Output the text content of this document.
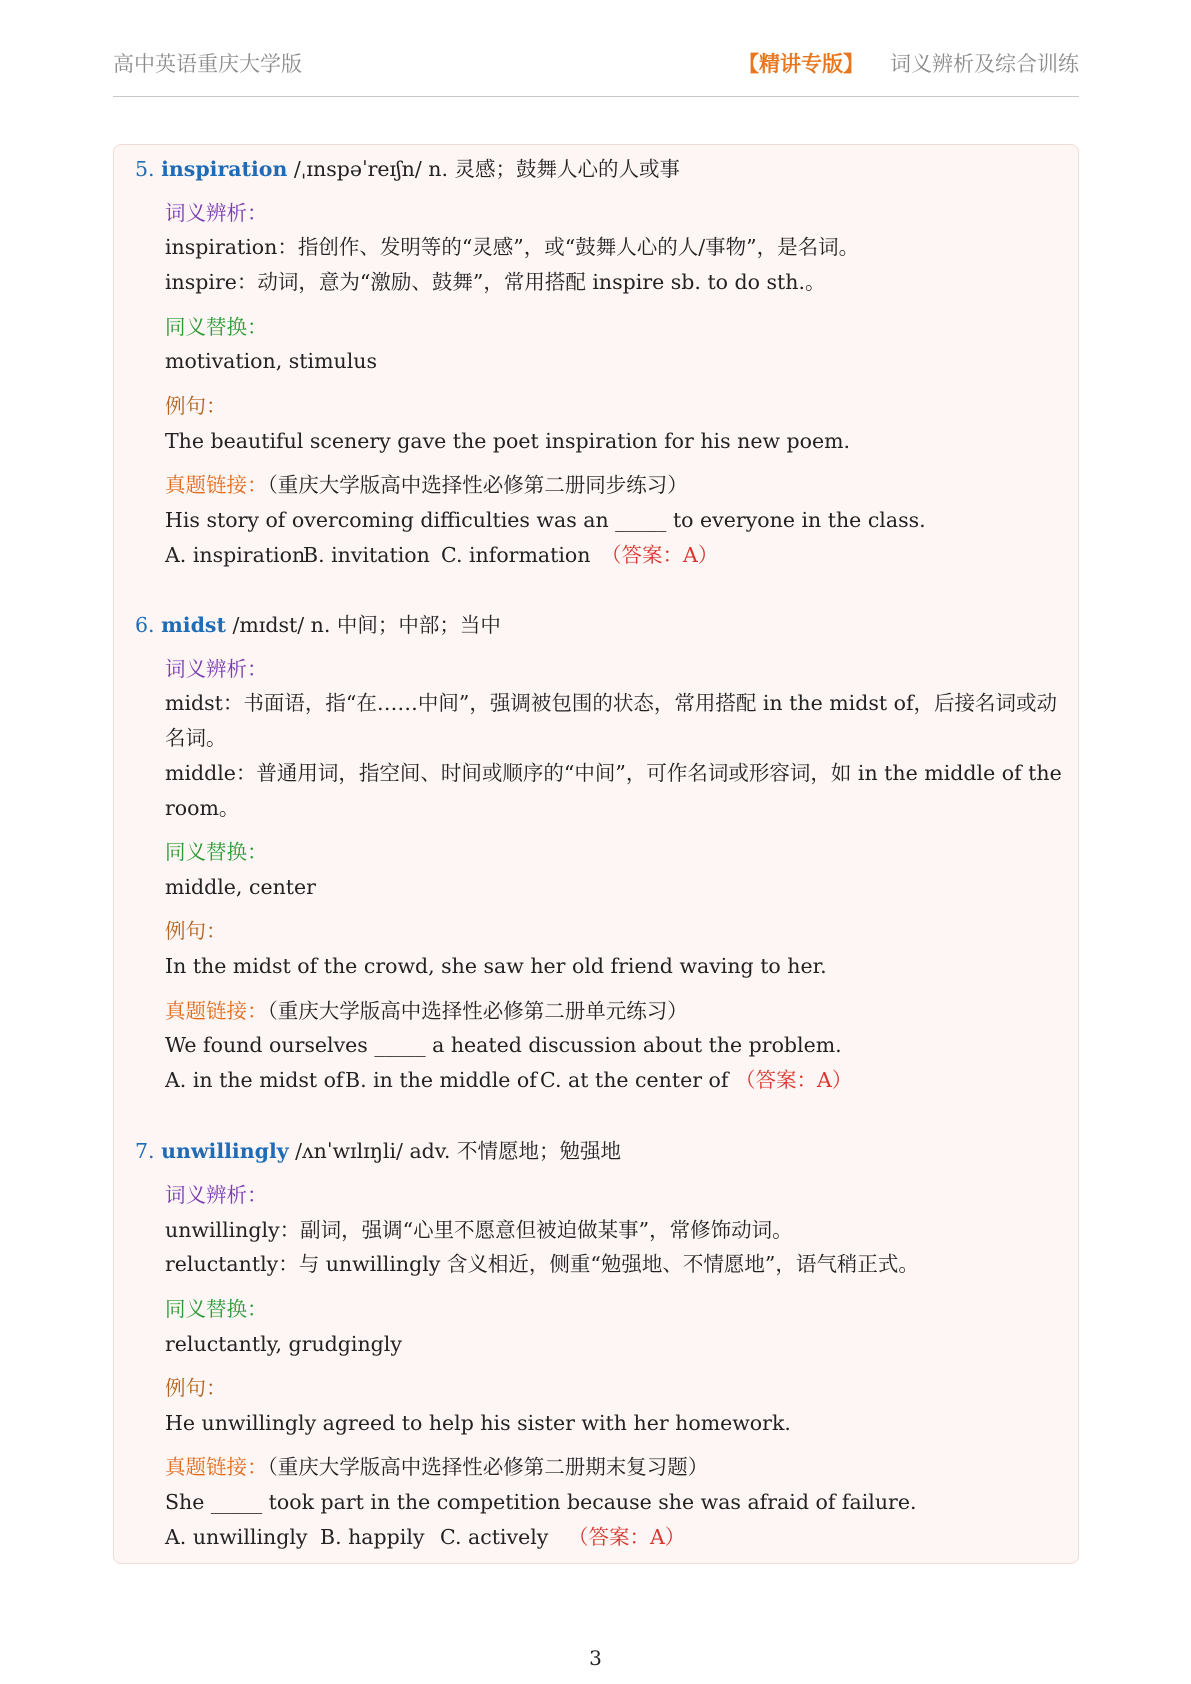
高中英语重庆大学版	【精讲专版】 词义辨析及综合训练
5. inspiration /ˌɪnspəˈreɪʃn/ n. 灵感；鼓舞人心的人或事
词义辨析：
inspiration：指创作、发明等的“灵感”，或“鼓舞人心的人/事物”，是名词。
inspire：动词，意为“激励、鼓舞”，常用搭配 inspire sb. to do sth.。
同义替换：
motivation, stimulus
例句：
The beautiful scenery gave the poet inspiration for his new poem.
真题链接：（重庆大学版高中选择性必修第二册同步练习）
His story of overcoming difficulties was an _____ to everyone in the class.
A. inspirationB. invitation C. information （答案：A）
6. midst /mɪdst/ n. 中间；中部；当中
词义辨析：
midst：书面语，指“在……中间”，强调被包围的状态，常用搭配 in the midst of，后接名词或动
名词。
middle：普通用词，指空间、时间或顺序的“中间”，可作名词或形容词，如 in the middle of the
room。
同义替换：
middle, center
例句：
In the midst of the crowd, she saw her old friend waving to her.
真题链接：（重庆大学版高中选择性必修第二册单元练习）
We found ourselves _____ a heated discussion about the problem.
A. in the midst ofB. in the middle of C. at the center of （答案：A）
7. unwillingly /ʌnˈwɪlɪŋli/ adv. 不情愿地；勉强地
词义辨析：
unwillingly：副词，强调“心里不愿意但被迫做某事”，常修饰动词。
reluctantly：与 unwillingly 含义相近，侧重“勉强地、不情愿地”，语气稍正式。
同义替换：
reluctantly, grudgingly
例句：
He unwillingly agreed to help his sister with her homework.
真题链接：（重庆大学版高中选择性必修第二册期末复习题）
She _____ took part in the competition because she was afraid of failure.
A. unwillingly B. happily C. actively （答案：A）
3
